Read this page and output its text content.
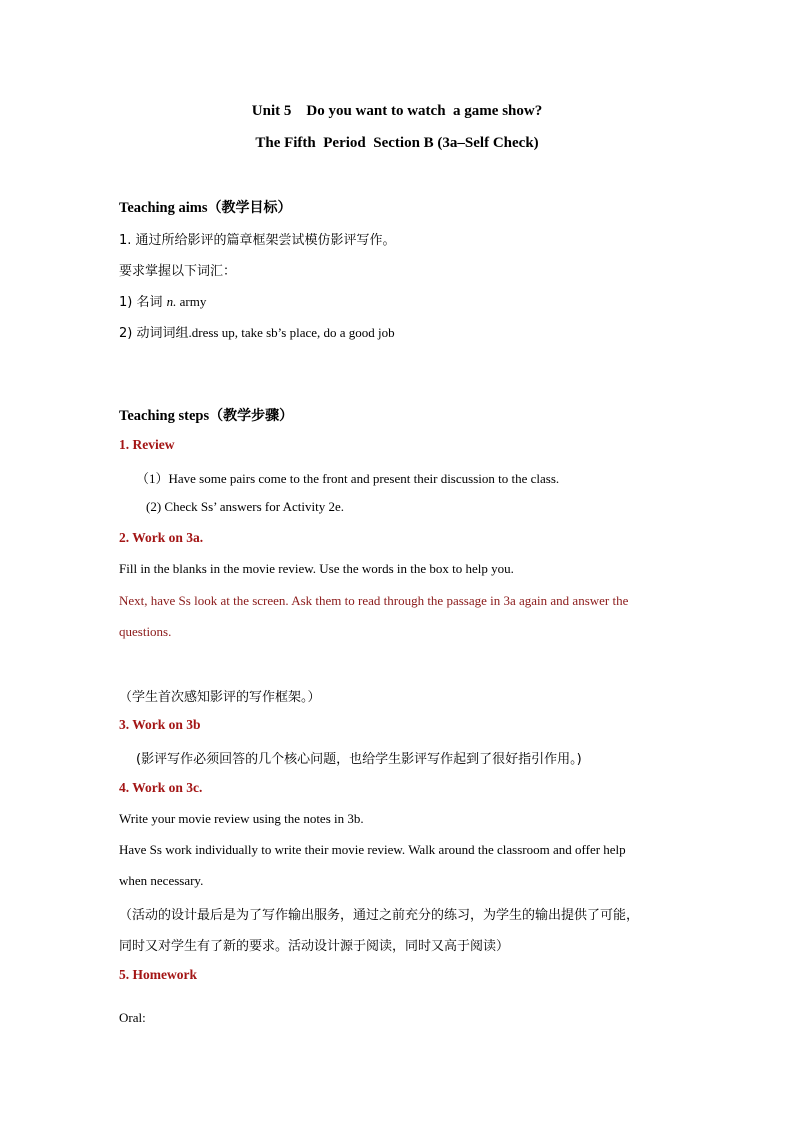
Unit 5    Do you want to watch  a game show?
The Fifth  Period  Section B (3a–Self Check)
Teaching aims（教学目标）
1. 通过所给影评的篇章框架尝试模仿影评写作。
要求掌握以下词汇：
1) 名词 n. army
2) 动词词组.dress up, take sb’s place, do a good job
Teaching steps（教学步骤）
1. Review
（1）Have some pairs come to the front and present their discussion to the class.
(2) Check Ss’ answers for Activity 2e.
2. Work on 3a.
Fill in the blanks in the movie review. Use the words in the box to help you.
Next, have Ss look at the screen. Ask them to read through the passage in 3a again and answer the
questions.
（学生首次感知影评的写作框架。）
3. Work on 3b
(影评写作必须回答的几个核心问题，也给学生影评写作起到了很好指引作用。)
4. Work on 3c.
Write your movie review using the notes in 3b.
Have Ss work individually to write their movie review. Walk around the classroom and offer help
when necessary.
（活动的设计最后是为了写作输出服务，通过之前充分的练习，为学生的输出提供了可能，
同时又对学生有了新的要求。活动设计源于阅读，同时又高于阅读）
5. Homework
Oral:
